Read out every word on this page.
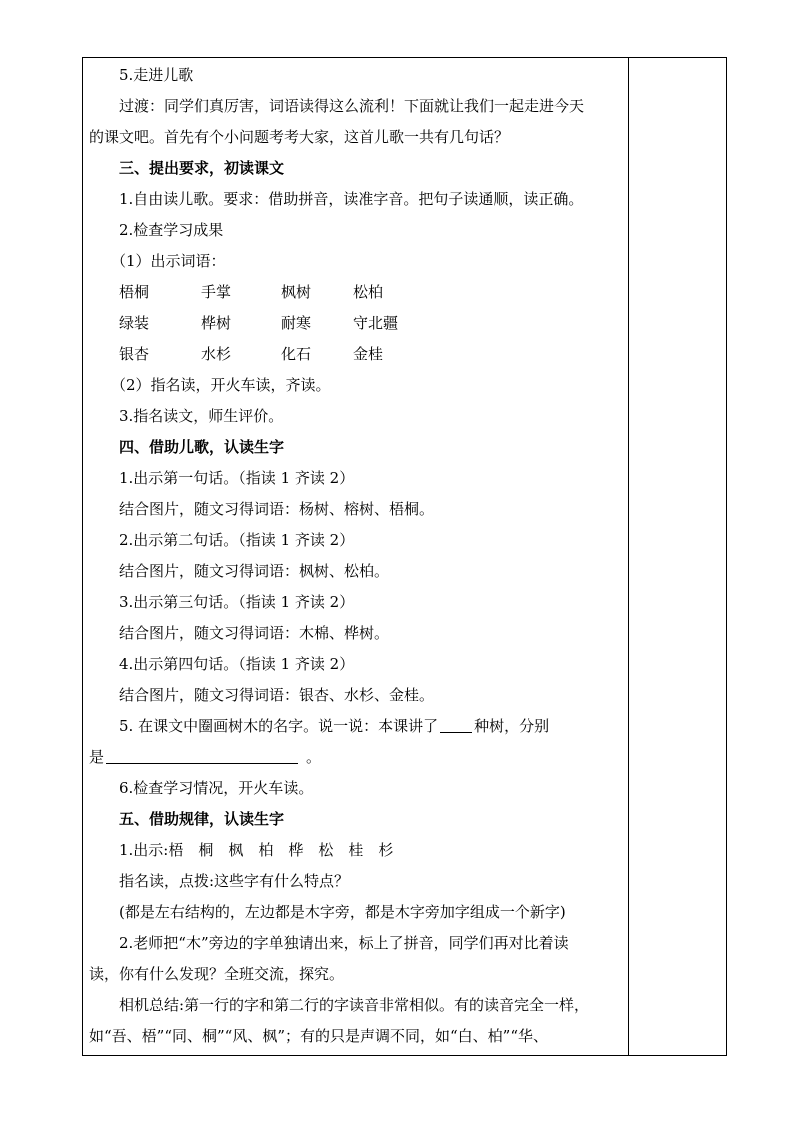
5.走进儿歌
过渡：同学们真厉害，词语读得这么流利！下面就让我们一起走进今天
的课文吧。首先有个小问题考考大家，这首儿歌一共有几句话？
三、提出要求，初读课文
1.自由读儿歌。要求：借助拼音，读准字音。把句子读通顺，读正确。
2.检查学习成果
（1）出示词语：
梧桐	手掌	枫树	松柏
绿装	桦树	耐寒	守北疆
银杏	水杉	化石	金桂
（2）指名读，开火车读，齐读。
3.指名读文，师生评价。
四、借助儿歌，认读生字
1.出示第一句话。（指读 1 齐读 2）
结合图片，随文习得词语：杨树、榕树、梧桐。
2.出示第二句话。（指读 1 齐读 2）
结合图片，随文习得词语：枫树、松柏。
3.出示第三句话。（指读 1 齐读 2）
结合图片，随文习得词语：木棉、桦树。
4.出示第四句话。（指读 1 齐读 2）
结合图片，随文习得词语：银杏、水杉、金桂。
5. 在课文中圈画树木的名字。说一说：本课讲了 种树，分别
是	。
6.检查学习情况，开火车读。
五、借助规律，认读生字
1.出示:梧　桐　枫　柏　桦　松　桂　杉
指名读，点拨:这些字有什么特点？
(都是左右结构的，左边都是木字旁，都是木字旁加字组成一个新字)
2.老师把“木”旁边的字单独请出来，标上了拼音，同学们再对比着读
读，你有什么发现？全班交流，探究。
相机总结:第一行的字和第二行的字读音非常相似。有的读音完全一样，
如“吾、梧”“同、桐”“风、枫”；有的只是声调不同，如“白、柏”“华、
